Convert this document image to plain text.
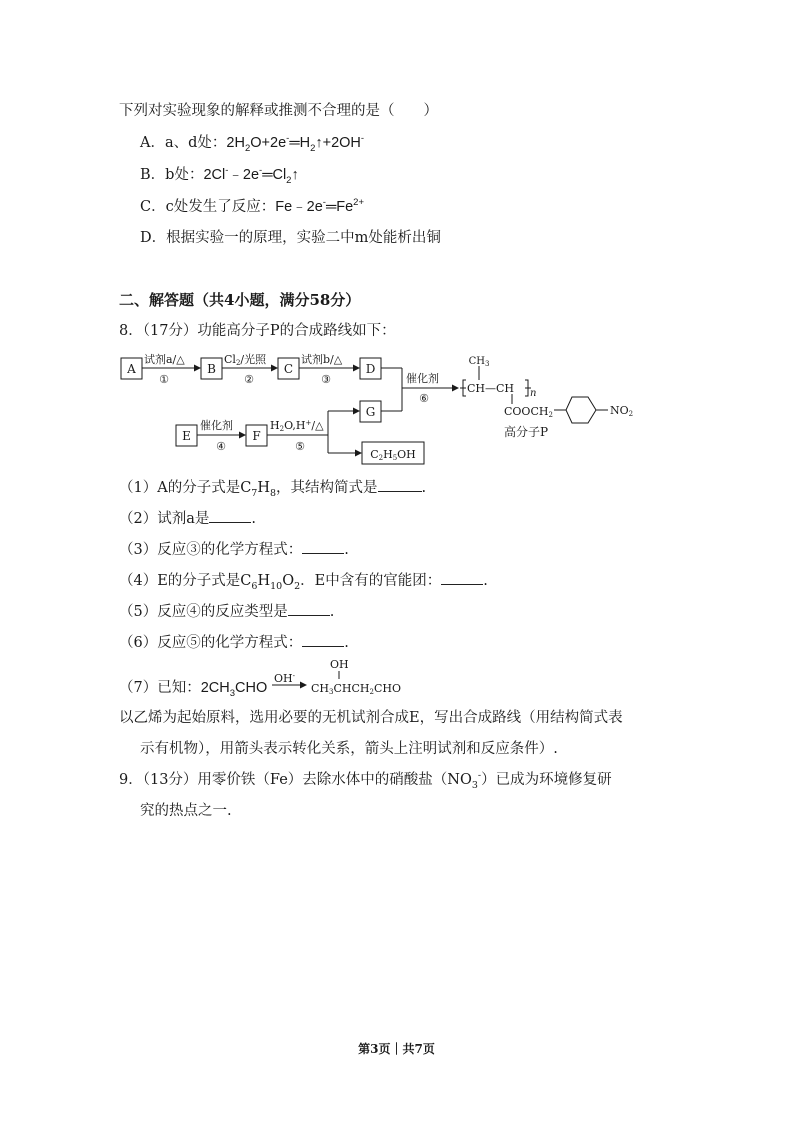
下列对实验现象的解释或推测不合理的是（　　）
A．a、d处：$2H_2O+2e^-═H_2↑+2OH^-$
B．b处：$2Cl^-﹣2e^-═Cl_2↑$
C．c处发生了反应：$Fe﹣2e^-═Fe^{2+}$
D．根据实验一的原理，实验二中m处能析出铜
二、解答题（共4小题，满分58分）
8．（17分）功能高分子P的合成路线如下：
A	B	C	D
E	F
G
C2H5OH
试剂a/△
①
Cl2/光照
②
试剂b/△
③
催化剂
④
H2O,H+/△
⑤
催化剂
⑥
$CH_3$
CH—CH n
COOCH2	NO2
高分子P
（1）A的分子式是$C_7H_8$，其结构简式是	.
（2）试剂a是	.
（3）反应③的化学方程式：	.
（4）E的分子式是$C_6H_{10}O_2$．E中含有的官能团：	.
（5）反应④的反应类型是	.
（6）反应⑤的化学方程式：	.
（7）已知：$2CH_3CHO$
OH-
OH
CH3CHCH2CHO
以乙烯为起始原料，选用必要的无机试剂合成E，写出合成路线（用结构简式表
示有机物），用箭头表示转化关系，箭头上注明试剂和反应条件）.
9．（13分）用零价铁（Fe）去除水体中的硝酸盐$(NO_3^-)$已成为环境修复研
究的热点之一.
第3页｜共7页
